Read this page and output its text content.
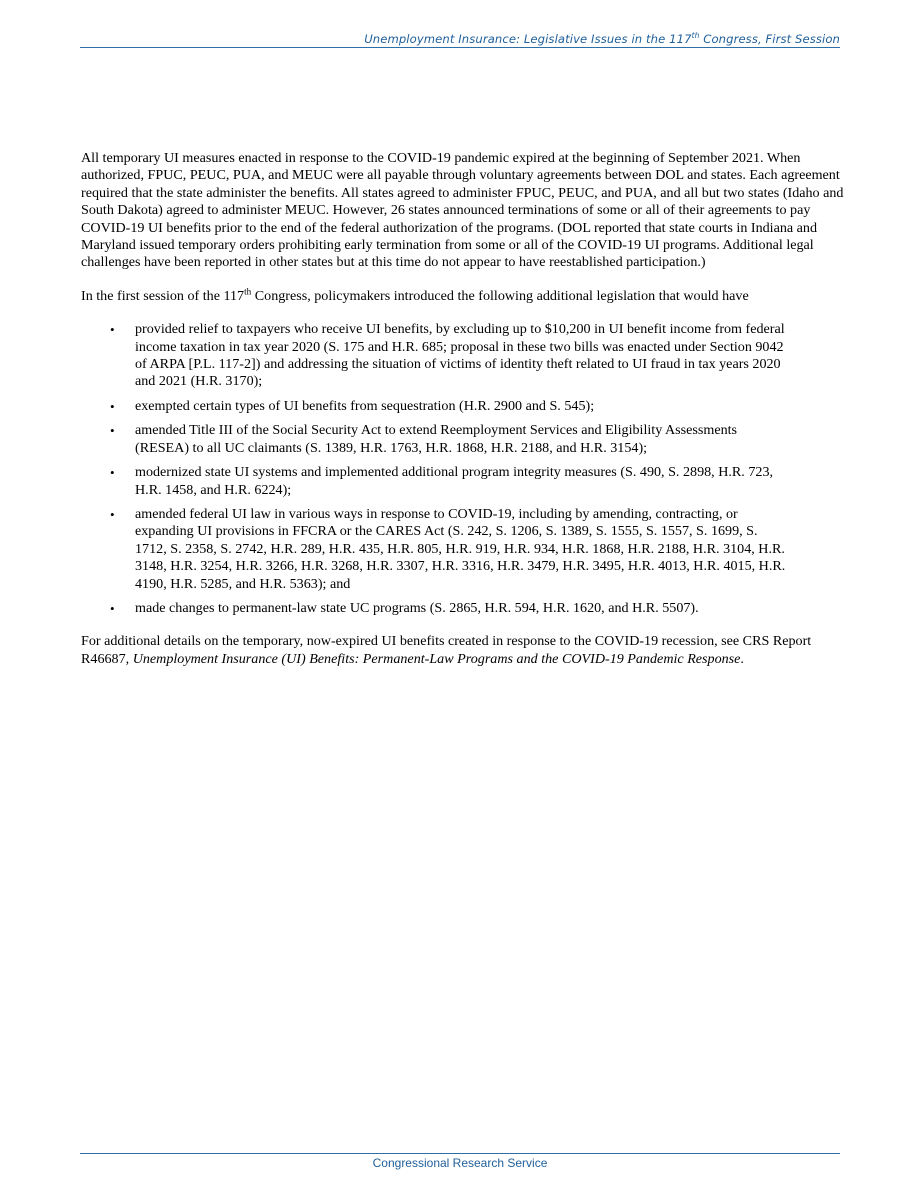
Unemployment Insurance: Legislative Issues in the 117th Congress, First Session

All temporary UI measures enacted in response to the COVID-19 pandemic expired at the beginning of September 2021. When authorized, FPUC, PEUC, PUA, and MEUC were all payable through voluntary agreements between DOL and states. Each agreement required that the state administer the benefits. All states agreed to administer FPUC, PEUC, and PUA, and all but two states (Idaho and South Dakota) agreed to administer MEUC. However, 26 states announced terminations of some or all of their agreements to pay COVID-19 UI benefits prior to the end of the federal authorization of the programs. (DOL reported that state courts in Indiana and Maryland issued temporary orders prohibiting early termination from some or all of the COVID-19 UI programs. Additional legal challenges have been reported in other states but at this time do not appear to have reestablished participation.)

In the first session of the 117th Congress, policymakers introduced the following additional legislation that would have

• provided relief to taxpayers who receive UI benefits, by excluding up to $10,200 in UI benefit income from federal income taxation in tax year 2020 (S. 175 and H.R. 685; proposal in these two bills was enacted under Section 9042 of ARPA [P.L. 117-2]) and addressing the situation of victims of identity theft related to UI fraud in tax years 2020 and 2021 (H.R. 3170);
• exempted certain types of UI benefits from sequestration (H.R. 2900 and S. 545);
• amended Title III of the Social Security Act to extend Reemployment Services and Eligibility Assessments (RESEA) to all UC claimants (S. 1389, H.R. 1763, H.R. 1868, H.R. 2188, and H.R. 3154);
• modernized state UI systems and implemented additional program integrity measures (S. 490, S. 2898, H.R. 723, H.R. 1458, and H.R. 6224);
• amended federal UI law in various ways in response to COVID-19, including by amending, contracting, or expanding UI provisions in FFCRA or the CARES Act (S. 242, S. 1206, S. 1389, S. 1555, S. 1557, S. 1699, S. 1712, S. 2358, S. 2742, H.R. 289, H.R. 435, H.R. 805, H.R. 919, H.R. 934, H.R. 1868, H.R. 2188, H.R. 3104, H.R. 3148, H.R. 3254, H.R. 3266, H.R. 3268, H.R. 3307, H.R. 3316, H.R. 3479, H.R. 3495, H.R. 4013, H.R. 4015, H.R. 4190, H.R. 5285, and H.R. 5363); and
• made changes to permanent-law state UC programs (S. 2865, H.R. 594, H.R. 1620, and H.R. 5507).

For additional details on the temporary, now-expired UI benefits created in response to the COVID-19 recession, see CRS Report R46687, Unemployment Insurance (UI) Benefits: Permanent-Law Programs and the COVID-19 Pandemic Response.

Congressional Research Service
